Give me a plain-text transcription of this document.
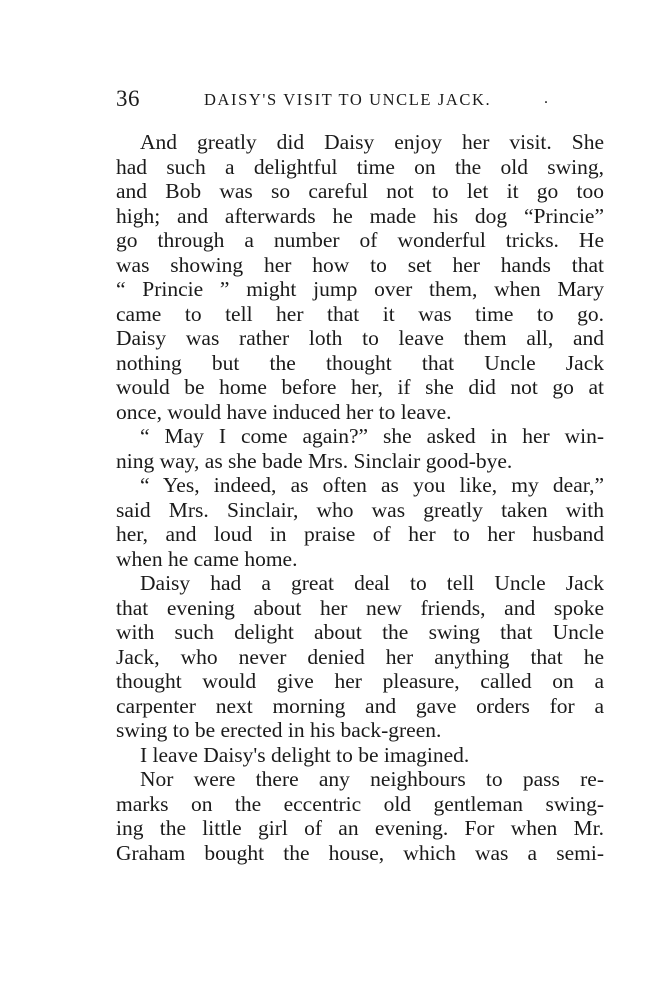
36	DAISY'S VISIT TO UNCLE JACK.	.
And greatly did Daisy enjoy her visit. She
had such a delightful time on the old swing,
and Bob was so careful not to let it go too
high; and afterwards he made his dog “Princie”
go through a number of wonderful tricks. He
was showing her how to set her hands that
“ Princie ” might jump over them, when Mary
came to tell her that it was time to go.
Daisy was rather loth to leave them all, and
nothing but the thought that Uncle Jack
would be home before her, if she did not go at
once, would have induced her to leave.
“ May I come again?” she asked in her win-
ning way, as she bade Mrs. Sinclair good-bye.
“ Yes, indeed, as often as you like, my dear,”
said Mrs. Sinclair, who was greatly taken with
her, and loud in praise of her to her husband
when he came home.
Daisy had a great deal to tell Uncle Jack
that evening about her new friends, and spoke
with such delight about the swing that Uncle
Jack, who never denied her anything that he
thought would give her pleasure, called on a
carpenter next morning and gave orders for a
swing to be erected in his back-green.
I leave Daisy's delight to be imagined.
Nor were there any neighbours to pass re-
marks on the eccentric old gentleman swing-
ing the little girl of an evening. For when Mr.
Graham bought the house, which was a semi-
